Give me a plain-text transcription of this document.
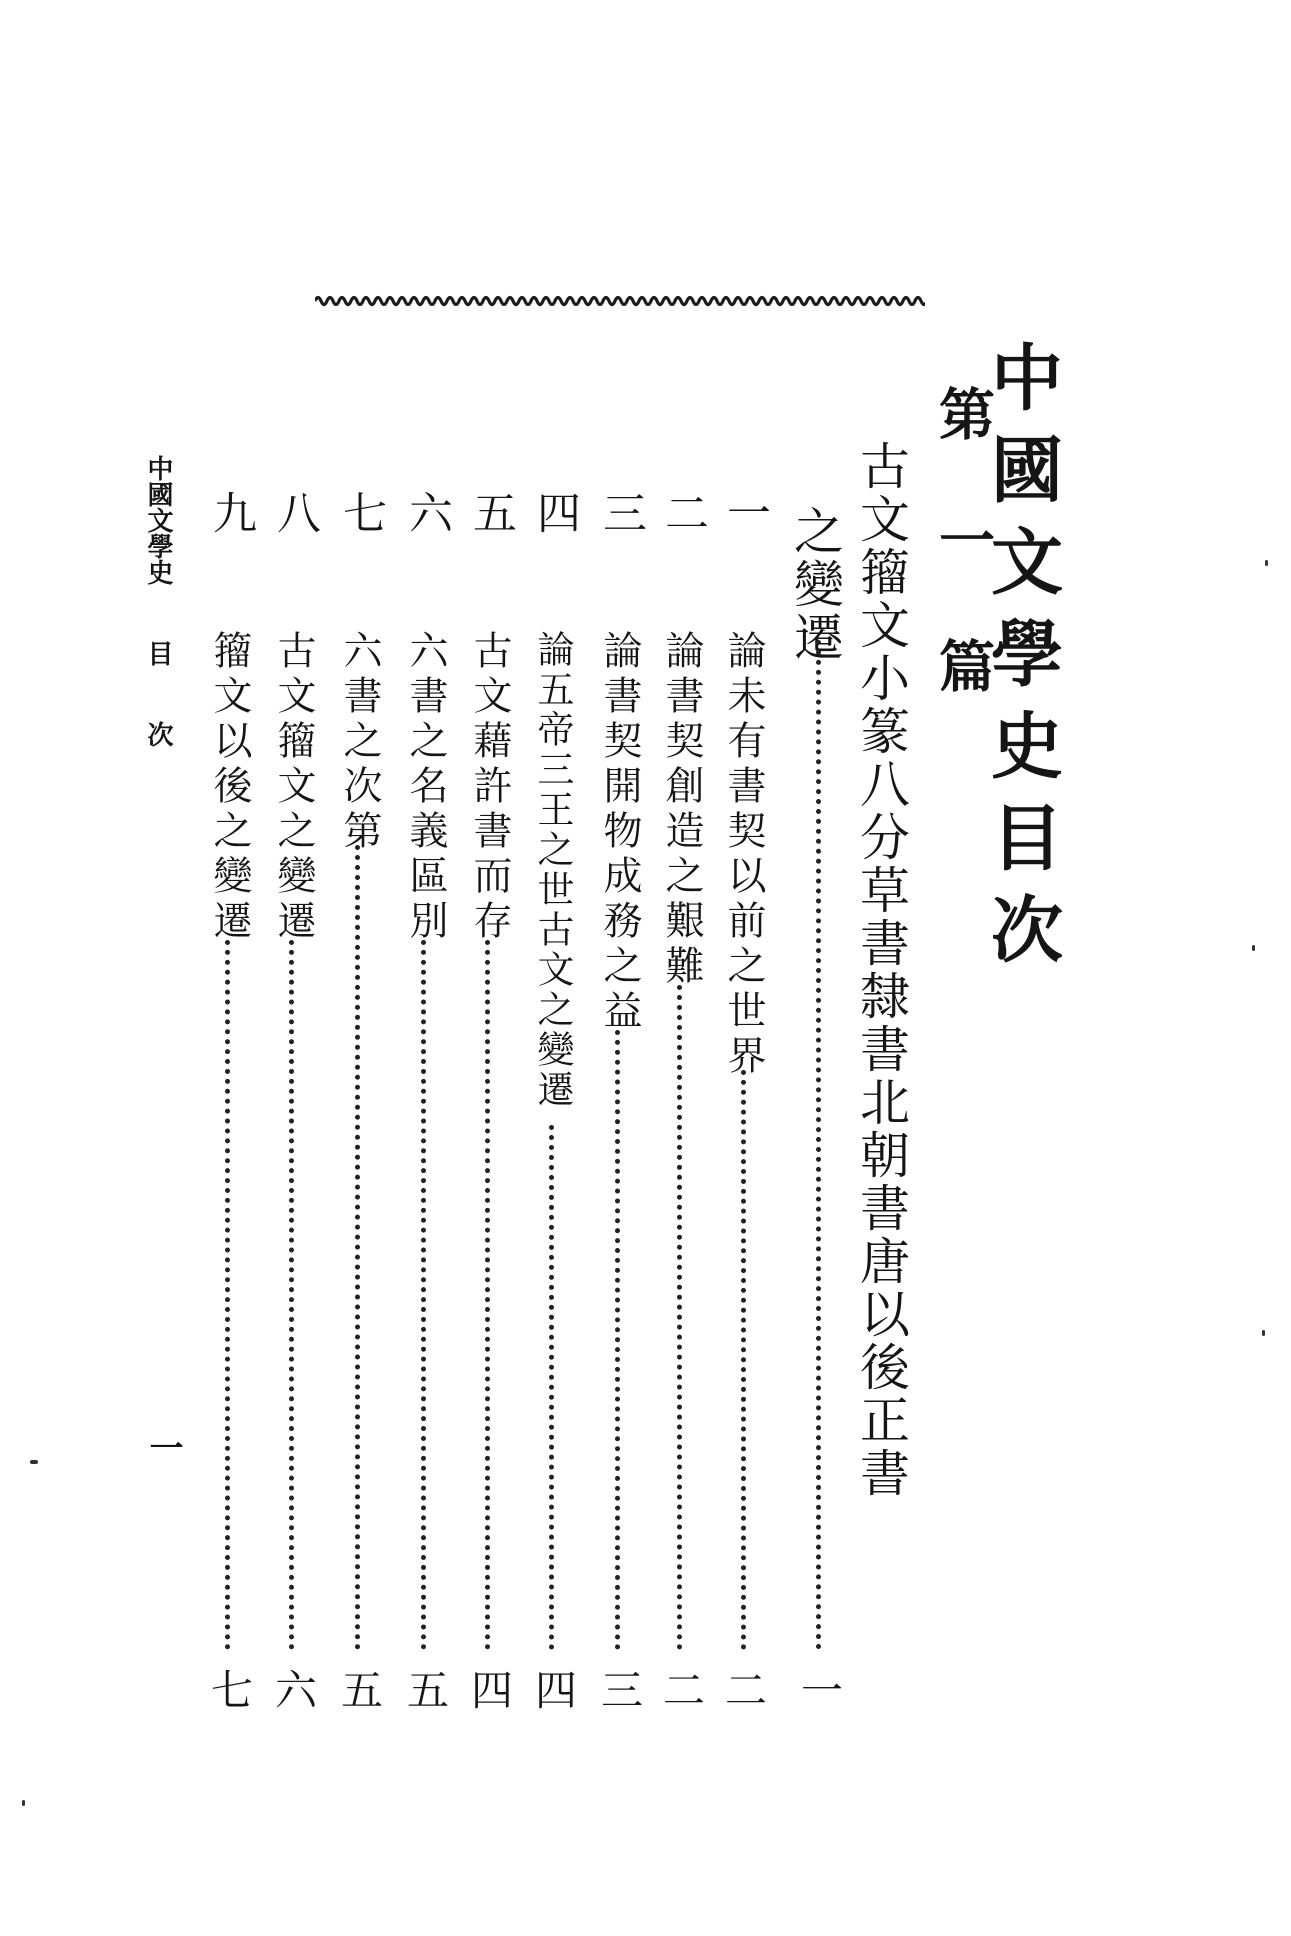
中國文學史目次
第一篇
古文籀文小篆八分草書隸書北朝書唐以後正書
之變遷
一
一
論未有書契以前之世界
二
二
論書契創造之艱難
二
三
論書契開物成務之益
三
四
論五帝三王之世古文之變遷
四
五
古文藉許書而存
四
六
六書之名義區別
五
七
六書之次第
五
八
古文籀文之變遷
六
九
籀文以後之變遷
七
中國文學史目次
一
